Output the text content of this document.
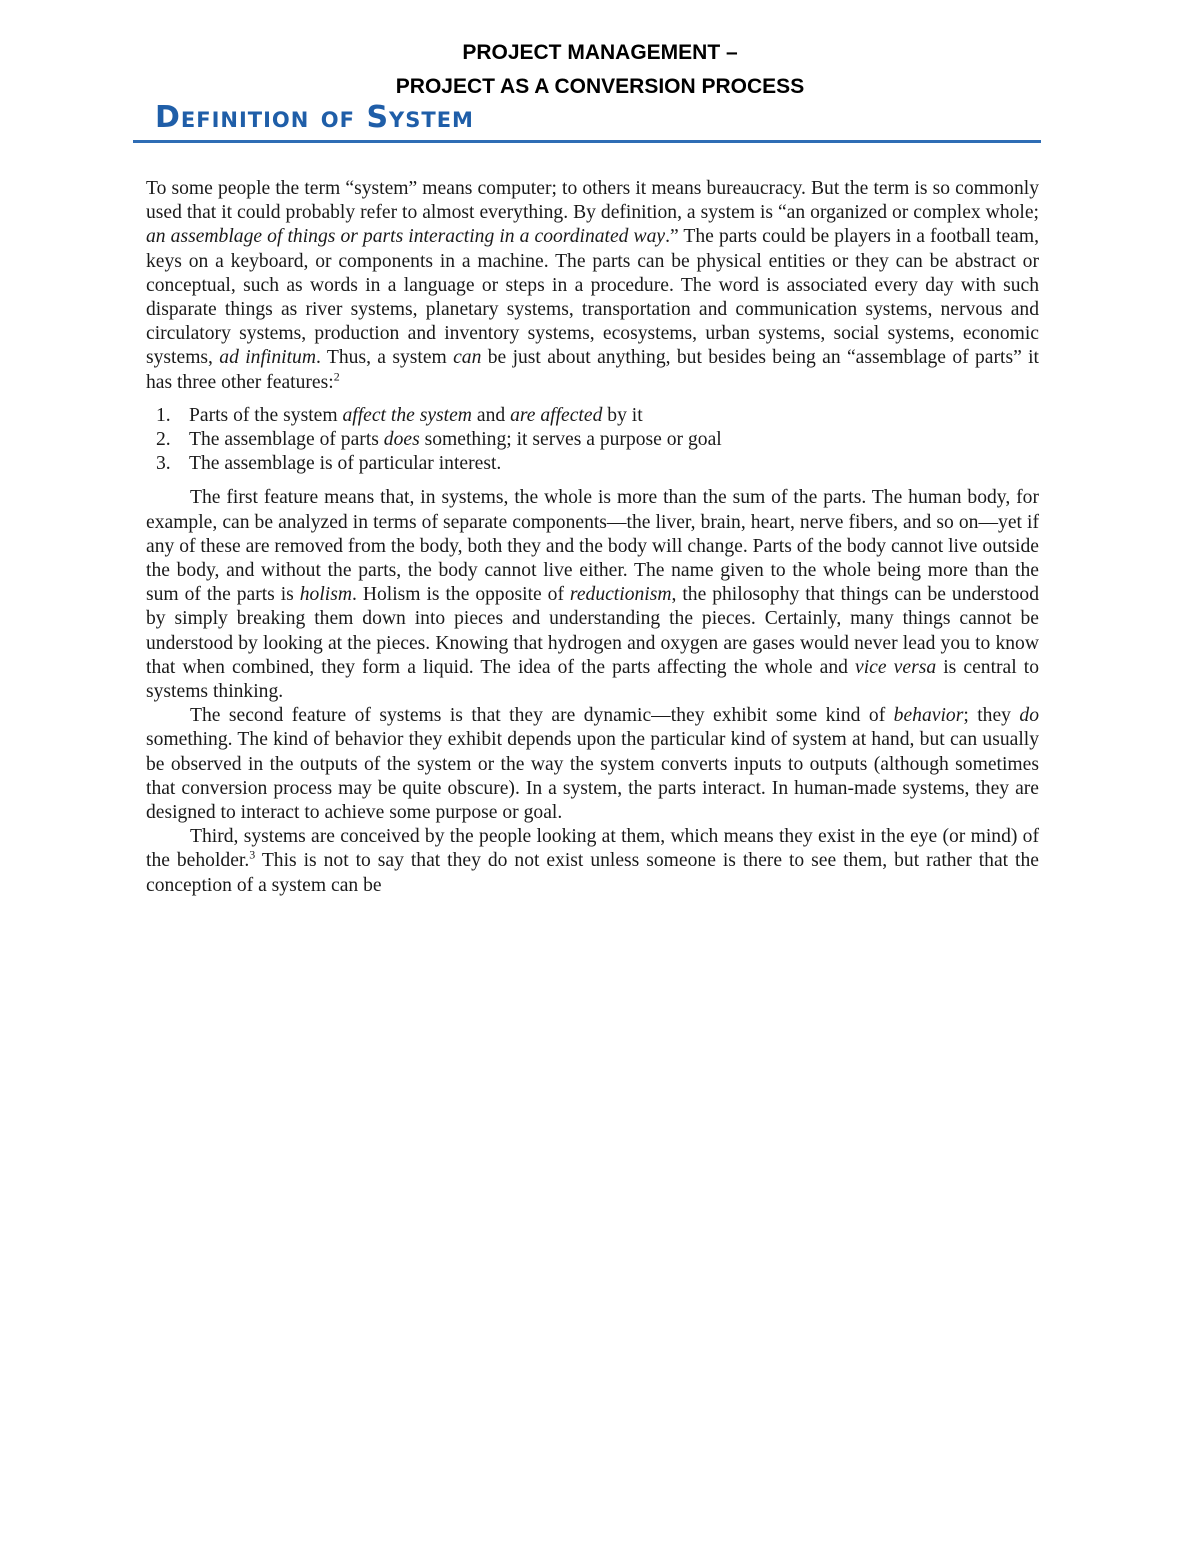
PROJECT MANAGEMENT –
PROJECT AS A CONVERSION PROCESS
Definition of System

To some people the term “system” means computer; to others it means bureaucracy. But the term is so commonly used that it could probably refer to almost everything. By definition, a system is “an organized or complex whole; an assemblage of things or parts interacting in a coordinated way.” The parts could be players in a football team, keys on a keyboard, or components in a machine. The parts can be physical entities or they can be abstract or conceptual, such as words in a language or steps in a procedure. The word is associated every day with such disparate things as river systems, planetary systems, transportation and communication systems, nervous and circulatory systems, production and inventory systems, ecosystems, urban systems, social systems, economic systems, ad infinitum. Thus, a system can be just about anything, but besides being an “assemblage of parts” it has three other features:$^2$

1. Parts of the system affect the system and are affected by it
2. The assemblage of parts does something; it serves a purpose or goal
3. The assemblage is of particular interest.

The first feature means that, in systems, the whole is more than the sum of the parts. The human body, for example, can be analyzed in terms of separate components—the liver, brain, heart, nerve fibers, and so on—yet if any of these are removed from the body, both they and the body will change. Parts of the body cannot live outside the body, and without the parts, the body cannot live either. The name given to the whole being more than the sum of the parts is holism. Holism is the opposite of reductionism, the philosophy that things can be understood by simply breaking them down into pieces and understanding the pieces. Certainly, many things cannot be understood by looking at the pieces. Knowing that hydrogen and oxygen are gases would never lead you to know that when combined, they form a liquid. The idea of the parts affecting the whole and vice versa is central to systems thinking.

The second feature of systems is that they are dynamic—they exhibit some kind of behavior; they do something. The kind of behavior they exhibit depends upon the particular kind of system at hand, but can usually be observed in the outputs of the system or the way the system converts inputs to outputs (although sometimes that conversion process may be quite obscure). In a system, the parts interact. In human-made systems, they are designed to interact to achieve some purpose or goal.

Third, systems are conceived by the people looking at them, which means they exist in the eye (or mind) of the beholder.$^3$ This is not to say that they do not exist unless someone is there to see them, but rather that the conception of a system can be
